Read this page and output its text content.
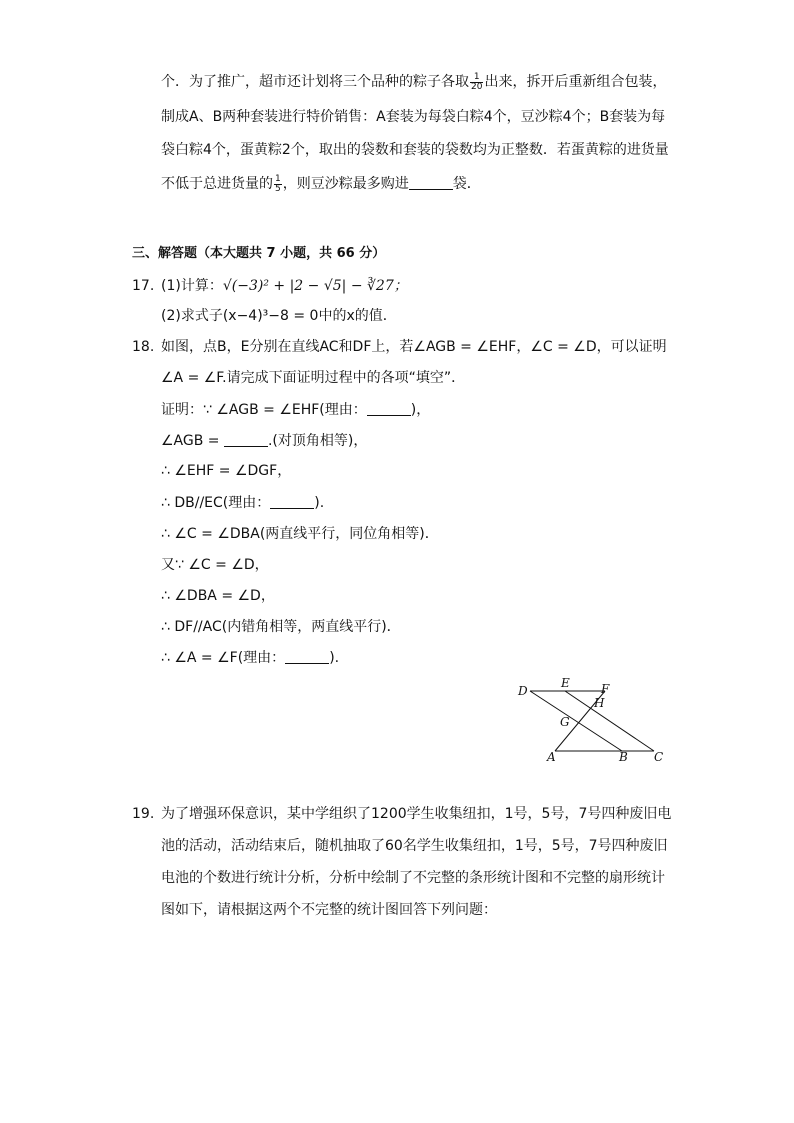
个．为了推广，超市还计划将三个品种的粽子各取 $\frac{1}{20}$ 出来，拆开后重新组合包装，
制成A、B两种套装进行特价销售：A套装为每袋白粽4个，豆沙粽4个；B套装为每
袋白粽4个，蛋黄粽2个，取出的袋数和套装的袋数均为正整数．若蛋黄粽的进货量
不低于总进货量的 $\frac{1}{5}$ ，则豆沙粽最多购进	袋．
三、解答题（本大题共 7 小题，共 66 分）
17. (1)计算：√(−3)² + |2 − √5| − ∛27；
(2)求式子(x−4)³−8 = 0中的x的值．
18. 如图，点B，E分别在直线AC和DF上，若∠AGB = ∠EHF，∠C = ∠D，可以证明
∠A = ∠F.请完成下面证明过程中的各项“填空”．
证明：∵ ∠AGB = ∠EHF(理由：	)，
∠AGB =	.(对顶角相等)，
∴ ∠EHF = ∠DGF，
∴ DB//EC(理由：	).
∴ ∠C = ∠DBA(两直线平行，同位角相等)．
又∵ ∠C = ∠D，
∴ ∠DBA = ∠D，
∴ DF//AC(内错角相等，两直线平行)．
∴ ∠A = ∠F(理由：	).
D
E	F
H
G
A	B C
19. 为了增强环保意识，某中学组织了1200学生收集纽扣，1号，5号，7号四种废旧电
池的活动，活动结束后，随机抽取了60名学生收集纽扣，1号，5号，7号四种废旧
电池的个数进行统计分析，分析中绘制了不完整的条形统计图和不完整的扇形统计
图如下，请根据这两个不完整的统计图回答下列问题：
